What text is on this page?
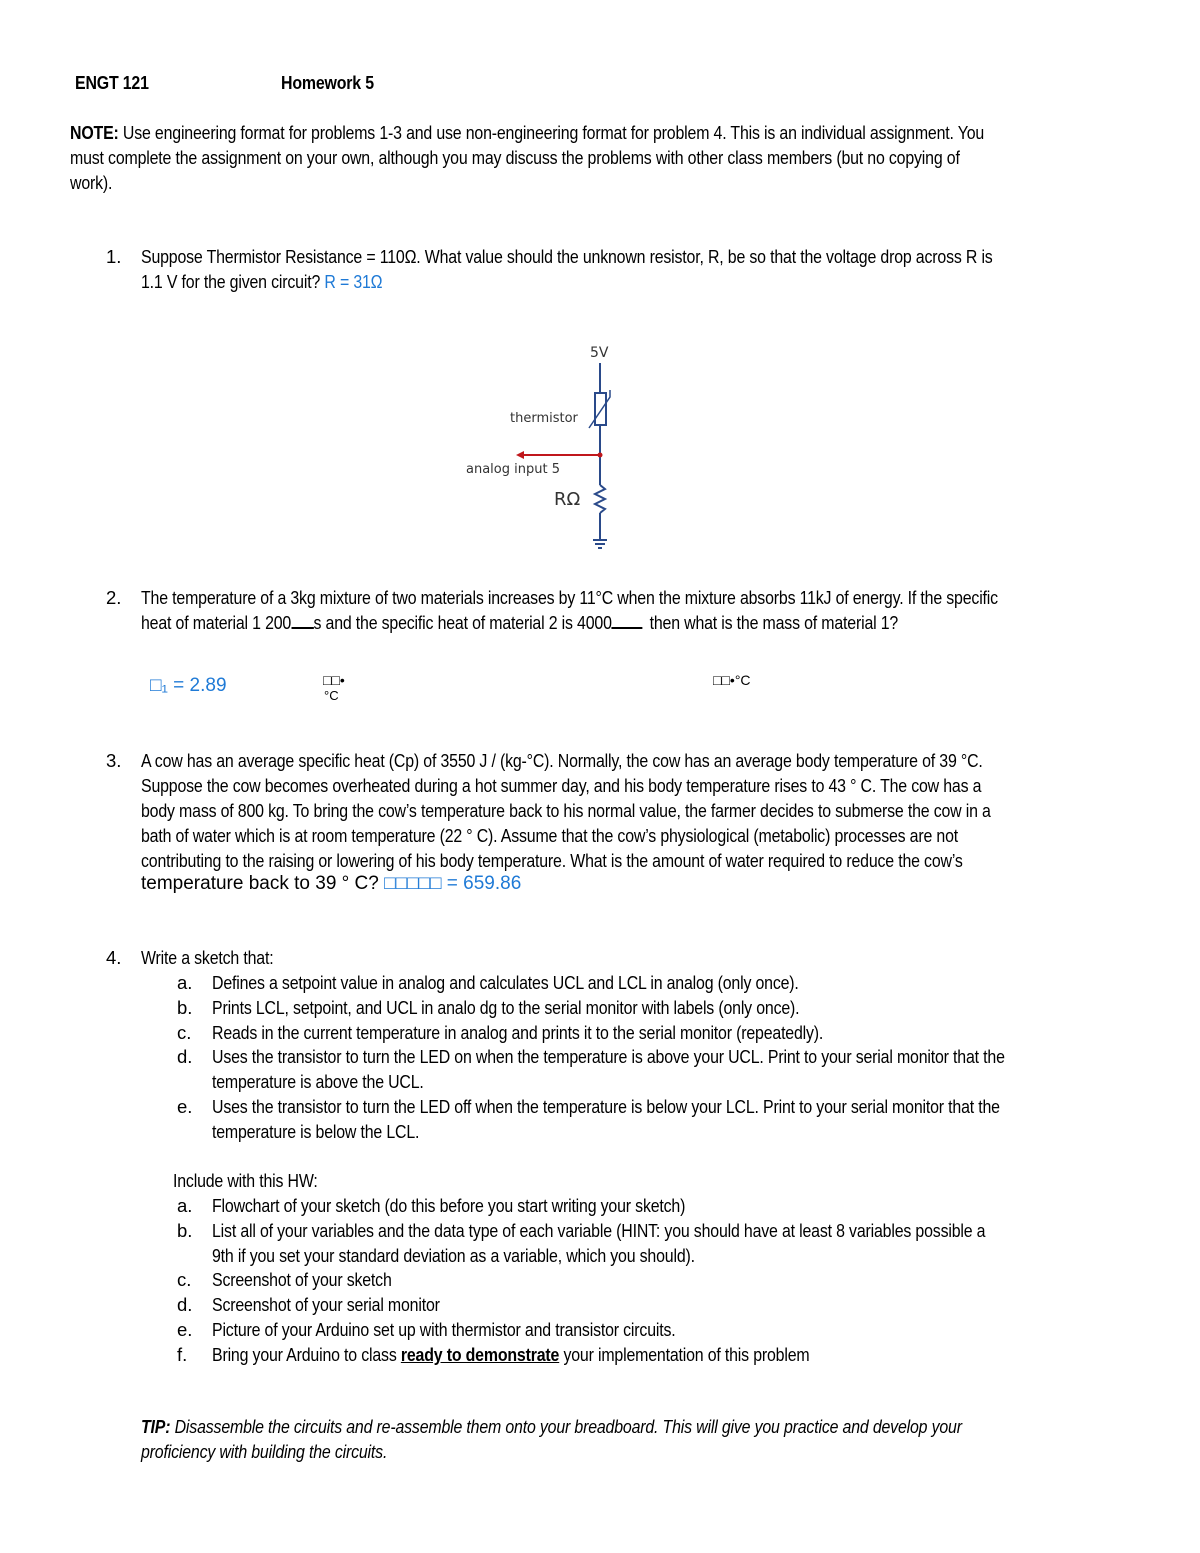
ENGT 121	Homework 5
NOTE: Use engineering format for problems 1-3 and use non-engineering format for problem 4. This is an individual assignment. You
must complete the assignment on your own, although you may discuss the problems with other class members (but no copying of
work).
1. Suppose Thermistor Resistance = 110Ω. What value should the unknown resistor, R, be so that the voltage drop across R is
1.1 V for the given circuit? R = 31Ω
5V
thermistor
analog input 5
RΩ
2. The temperature of a 3kg mixture of two materials increases by 11°C when the mixture absorbs 11kJ of energy. If the specific
heat of material 1 200 s and the specific heat of material 2 is 4000 then what is the mass of material 1?
□₁ = 2.89	□□•
°C
□□•°C
3. A cow has an average specific heat (Cp) of 3550 J / (kg-°C). Normally, the cow has an average body temperature of 39 °C.
Suppose the cow becomes overheated during a hot summer day, and his body temperature rises to 43 ° C. The cow has a
body mass of 800 kg. To bring the cow’s temperature back to his normal value, the farmer decides to submerse the cow in a
bath of water which is at room temperature (22 ° C). Assume that the cow’s physiological (metabolic) processes are not
contributing to the raising or lowering of his body temperature. What is the amount of water required to reduce the cow’s
temperature back to 39 ° C? □□□□□ = 659.86
4. Write a sketch that:
a. Defines a setpoint value in analog and calculates UCL and LCL in analog (only once).
b. Prints LCL, setpoint, and UCL in analo dg to the serial monitor with labels (only once).
c. Reads in the current temperature in analog and prints it to the serial monitor (repeatedly).
d. Uses the transistor to turn the LED on when the temperature is above your UCL. Print to your serial monitor that the
temperature is above the UCL.
e. Uses the transistor to turn the LED off when the temperature is below your LCL. Print to your serial monitor that the
temperature is below the LCL.
Include with this HW:
a. Flowchart of your sketch (do this before you start writing your sketch)
b. List all of your variables and the data type of each variable (HINT: you should have at least 8 variables possible a
9th if you set your standard deviation as a variable, which you should).
c. Screenshot of your sketch
d. Screenshot of your serial monitor
e. Picture of your Arduino set up with thermistor and transistor circuits.
f. Bring your Arduino to class ready to demonstrate your implementation of this problem
TIP: Disassemble the circuits and re-assemble them onto your breadboard. This will give you practice and develop your
proficiency with building the circuits.
